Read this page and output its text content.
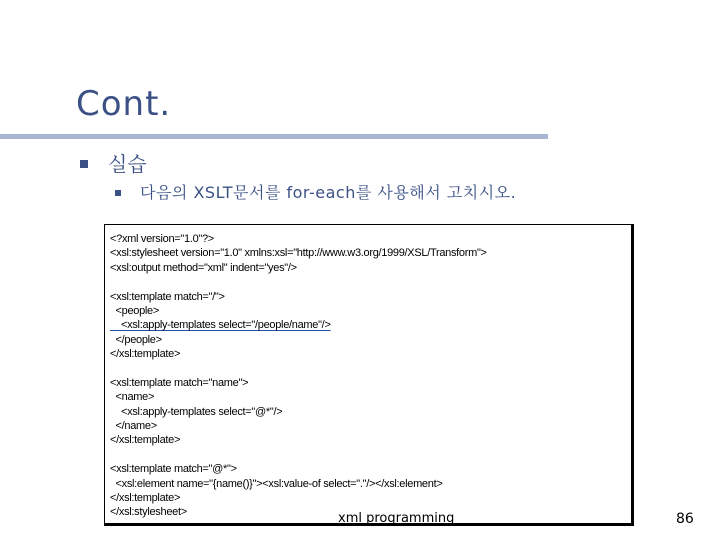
Cont.
실습
다음의 XSLT문서를 for-each를 사용해서 고치시오.
<?xml version="1.0"?>
<xsl:stylesheet version="1.0" xmlns:xsl="http://www.w3.org/1999/XSL/Transform">
<xsl:output method="xml" indent="yes"/>
<xsl:template match="/">
<people>
<xsl:apply-templates select="/people/name"/>
</people>
</xsl:template>
<xsl:template match="name">
<name>
<xsl:apply-templates select="@*"/>
</name>
</xsl:template>
<xsl:template match="@*">
<xsl:element name="{name()}"><xsl:value-of select="."/></xsl:element>
</xsl:template>
</xsl:stylesheet>	xml programming	86
